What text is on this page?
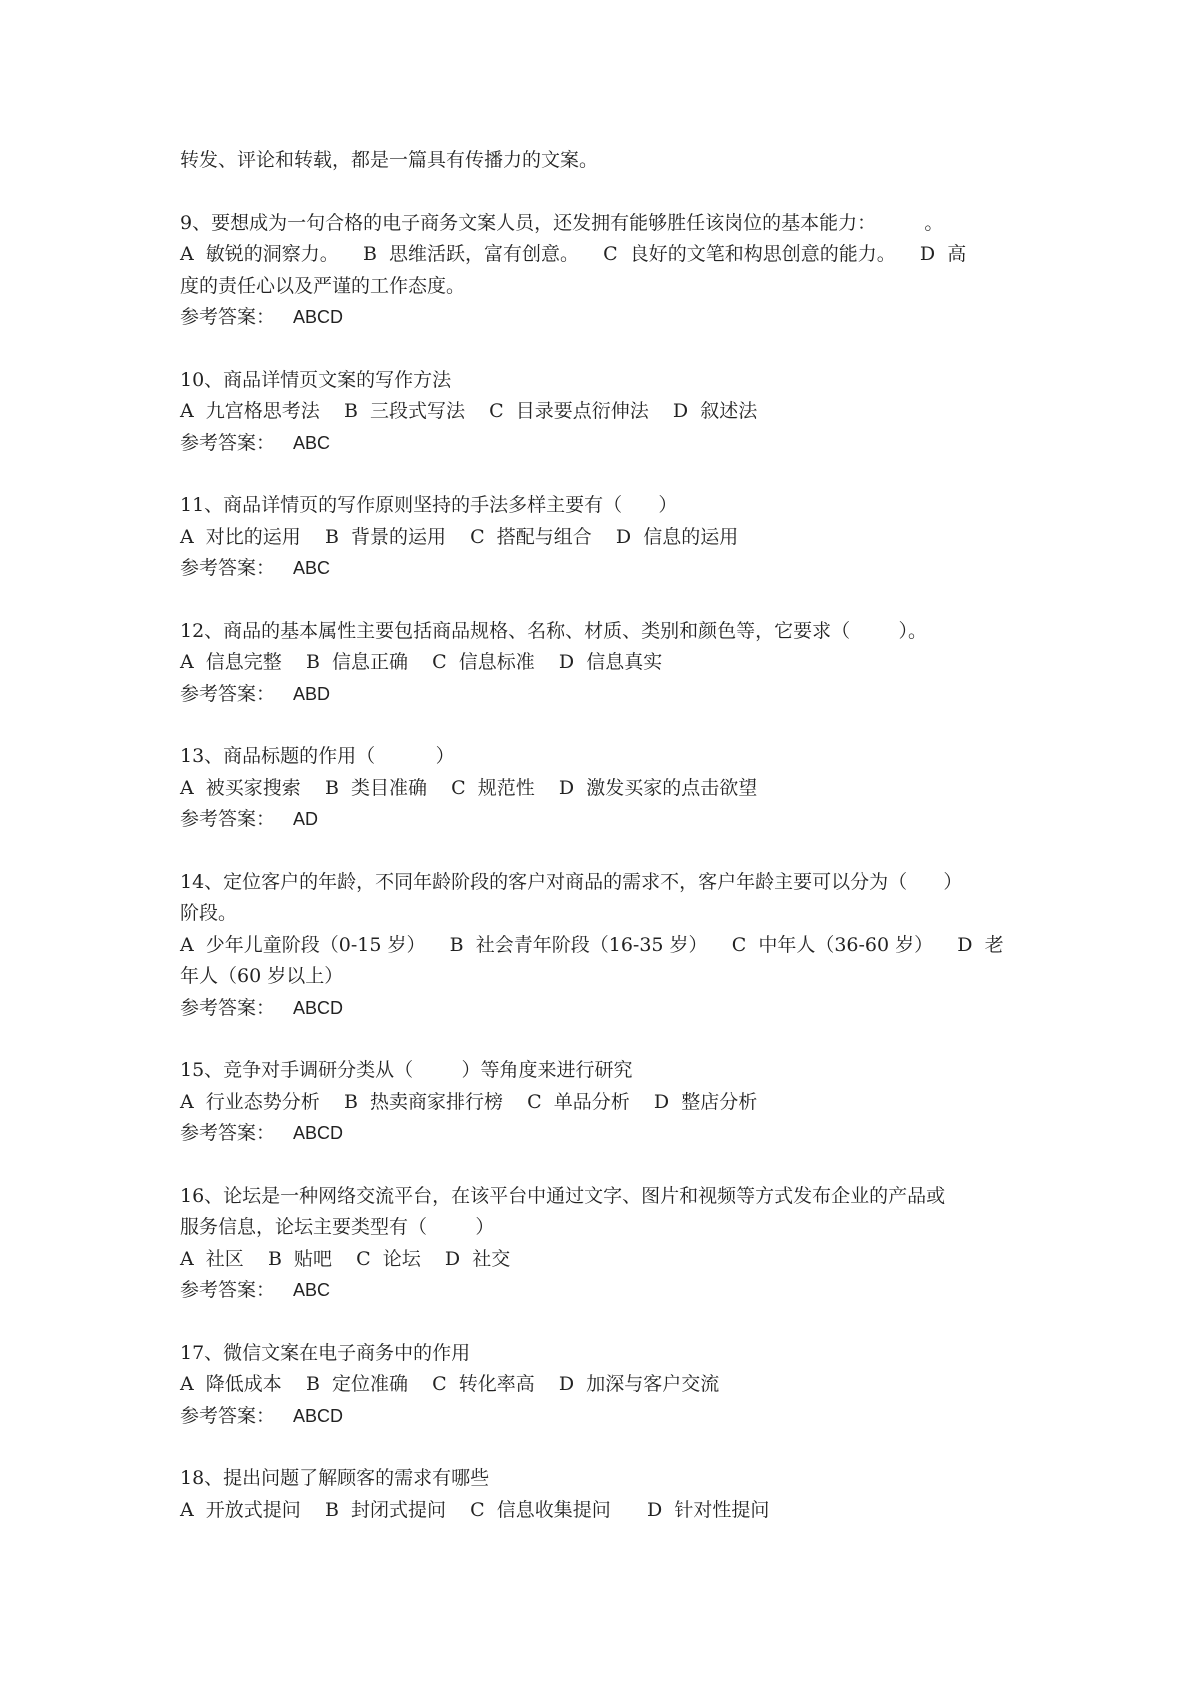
转发、评论和转载，都是一篇具有传播力的文案。
9、要想成为一句合格的电子商务文案人员，还发拥有能够胜任该岗位的基本能力：        。
A  敏锐的洞察力。    B  思维活跃，富有创意。    C  良好的文笔和构思创意的能力。    D  高
度的责任心以及严谨的工作态度。
参考答案： ABCD
10、商品详情页文案的写作方法
A  九宫格思考法    B  三段式写法    C  目录要点衍伸法    D  叙述法
参考答案： ABC
11、商品详情页的写作原则坚持的手法多样主要有（      ）
A  对比的运用    B  背景的运用    C  搭配与组合    D  信息的运用
参考答案： ABC
12、商品的基本属性主要包括商品规格、名称、材质、类别和颜色等，它要求（        ）。
A  信息完整    B  信息正确    C  信息标准    D  信息真实
参考答案： ABD
13、商品标题的作用（          ）
A  被买家搜索    B  类目准确    C  规范性    D  激发买家的点击欲望
参考答案： AD
14、定位客户的年龄，不同年龄阶段的客户对商品的需求不，客户年龄主要可以分为（      ）
阶段。
A  少年儿童阶段（0-15 岁）    B  社会青年阶段（16-35 岁）    C  中年人（36-60 岁）    D  老
年人（60 岁以上）
参考答案： ABCD
15、竞争对手调研分类从（        ）等角度来进行研究
A  行业态势分析    B  热卖商家排行榜    C  单品分析    D  整店分析
参考答案： ABCD
16、论坛是一种网络交流平台，在该平台中通过文字、图片和视频等方式发布企业的产品或
服务信息，论坛主要类型有（        ）
A  社区    B  贴吧    C  论坛    D  社交
参考答案： ABC
17、微信文案在电子商务中的作用
A  降低成本    B  定位准确    C  转化率高    D  加深与客户交流
参考答案： ABCD
18、提出问题了解顾客的需求有哪些
A  开放式提问    B  封闭式提问    C  信息收集提问      D  针对性提问
